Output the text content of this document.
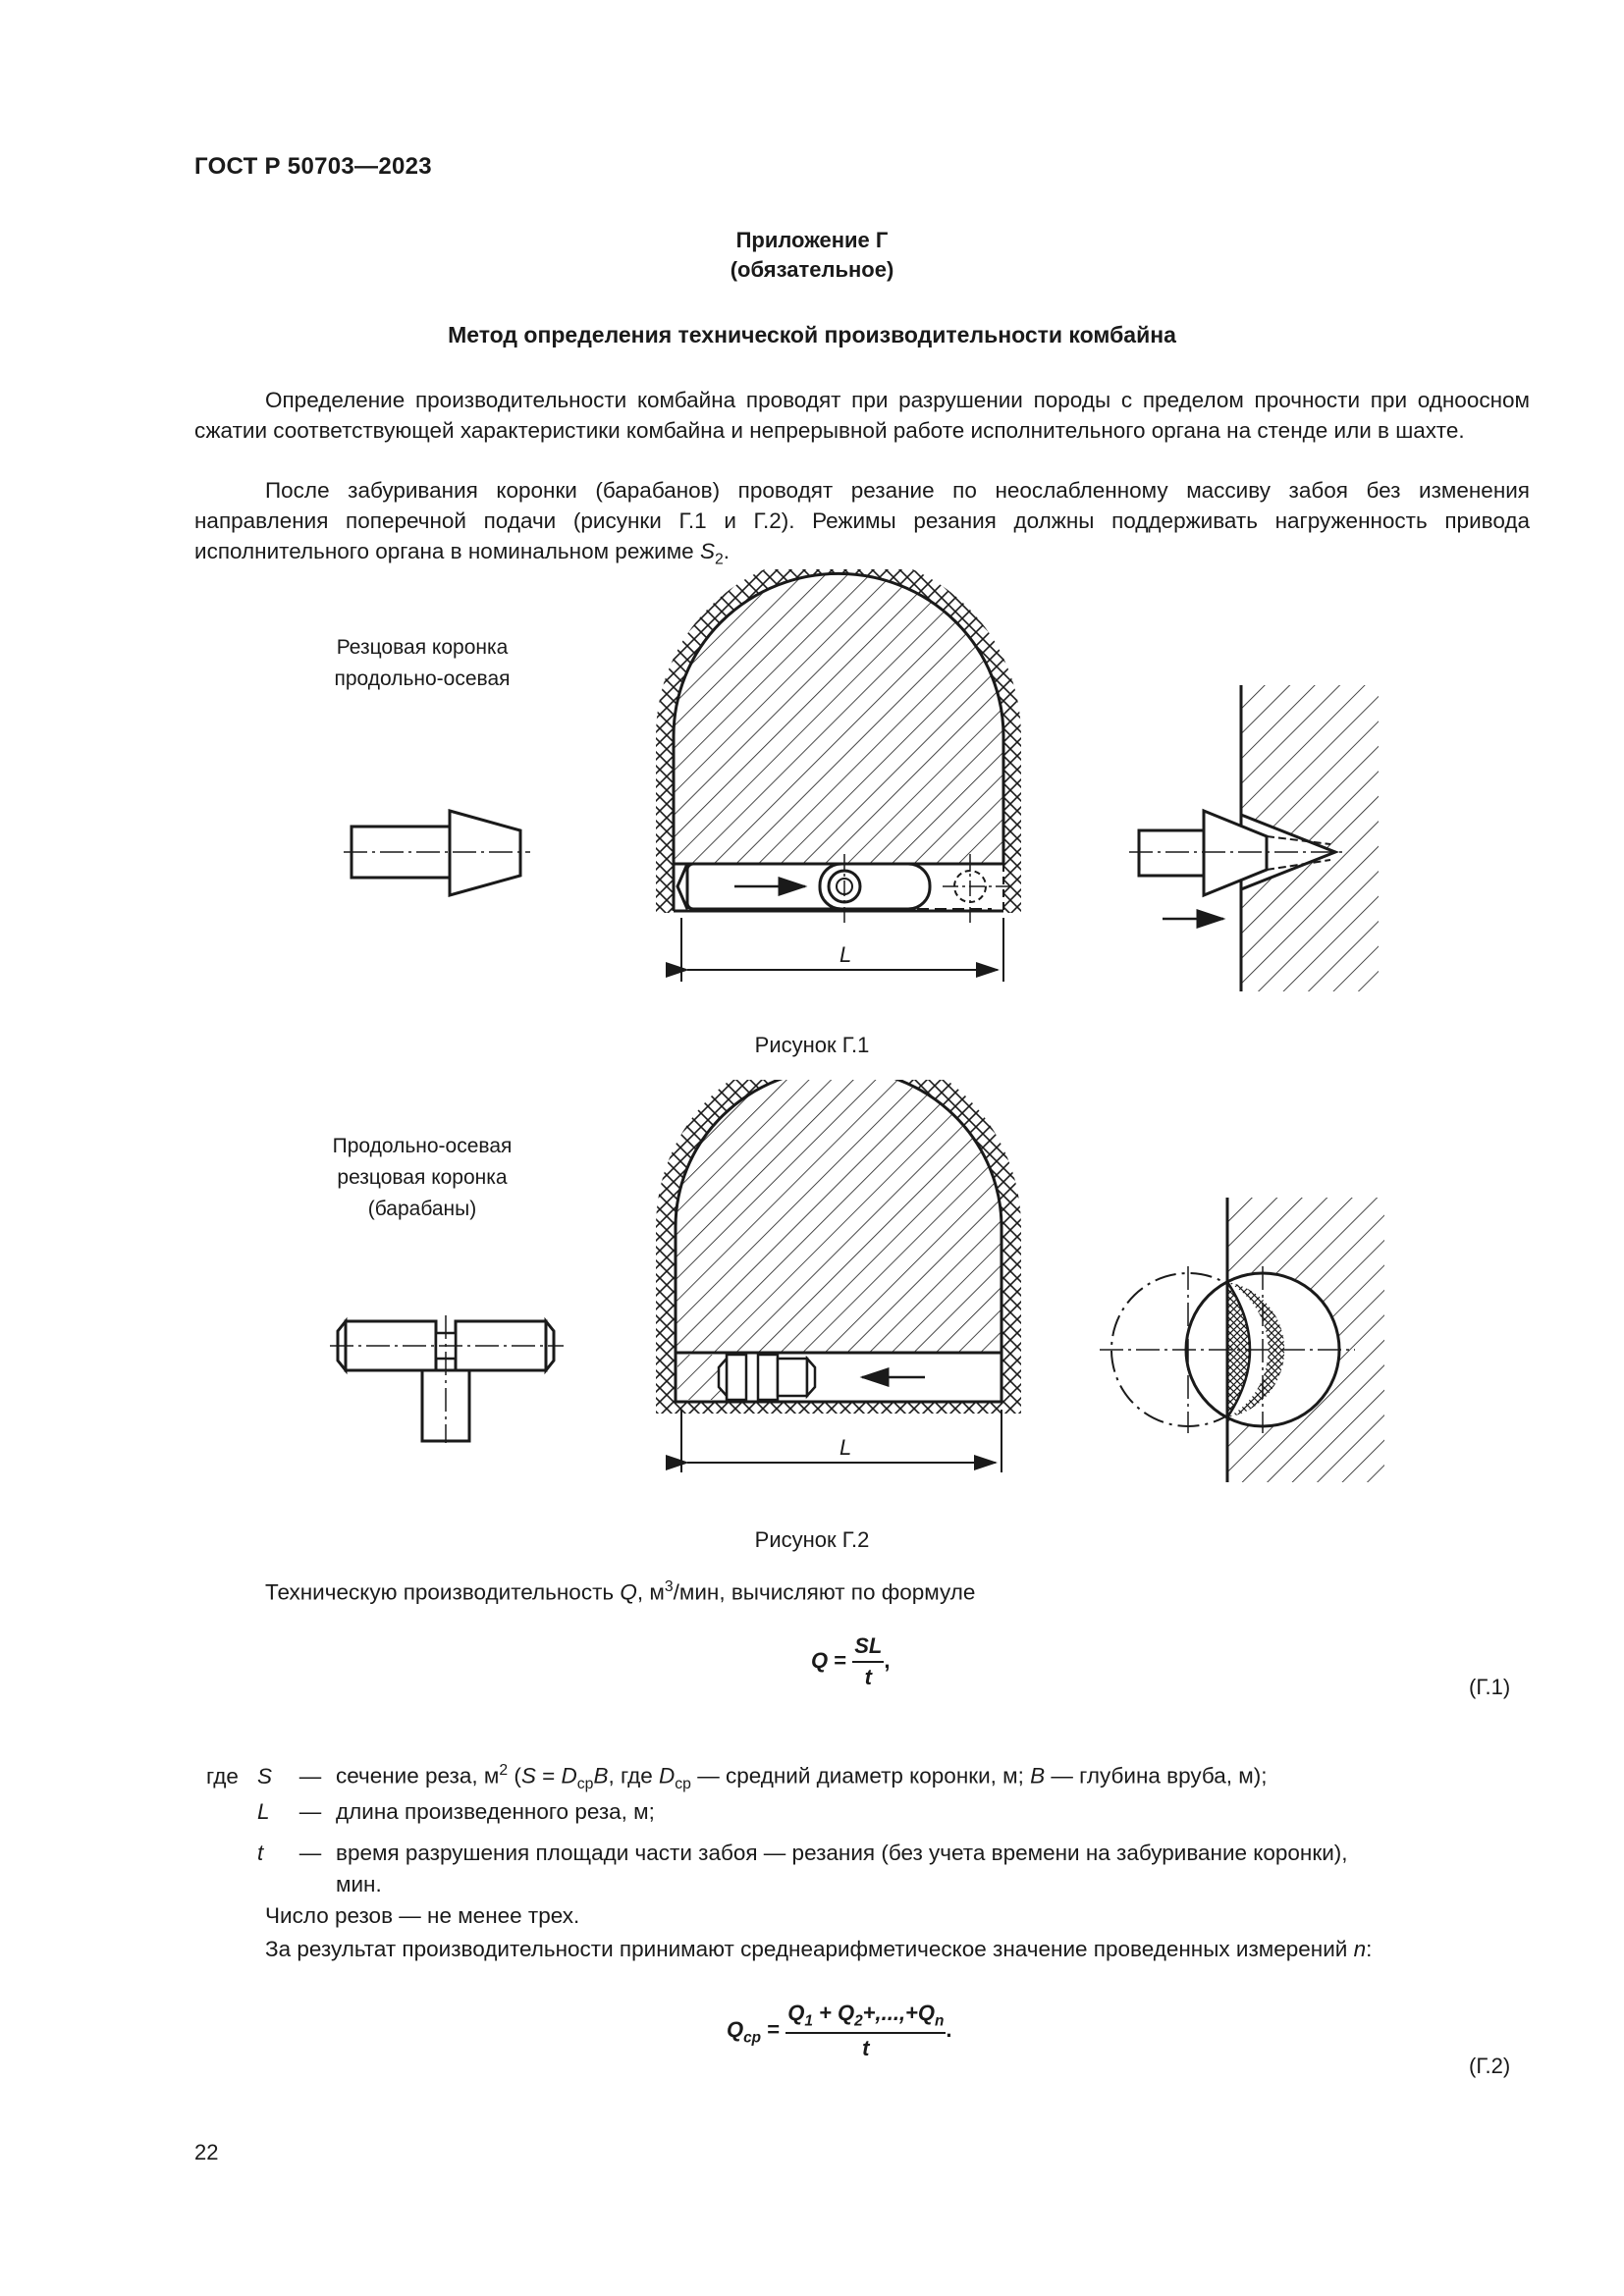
ГОСТ Р 50703—2023
Приложение Г
(обязательное)
Метод определения технической производительности комбайна
Определение производительности комбайна проводят при разрушении породы с пределом прочности при одноосном сжатии соответствующей характеристики комбайна и непрерывной работе исполнительного органа на стенде или в шахте.
После забуривания коронки (барабанов) проводят резание по неослабленному массиву забоя без изменения направления поперечной подачи (рисунки Г.1 и Г.2). Режимы резания должны поддерживать нагруженность привода исполнительного органа в номинальном режиме $S_2$.
Резцовая коронка
продольно-осевая
L
Рисунок Г.1
Продольно-осевая
резцовая коронка
(барабаны)
L
Рисунок Г.2
Техническую производительность Q, $м^3$/мин, вычисляют по формуле
$Q = \frac{SL}{t}$ ,
(Г.1)
где S — сечение реза, $м^2$ ($S = D_{ср}B$, где $D_{ср}$ — средний диаметр коронки, м; B — глубина вруба, м);
L — длина произведенного реза, м;
t — время разрушения площади части забоя — резания (без учета времени на забуривание коронки),
мин.
Число резов — не менее трех.
За результат производительности принимают среднеарифметическое значение проведенных измерений n:
$Q_{ср} = \frac{Q_1 + Q_2+,...,+Q_n}{t}$ .
(Г.2)
22
